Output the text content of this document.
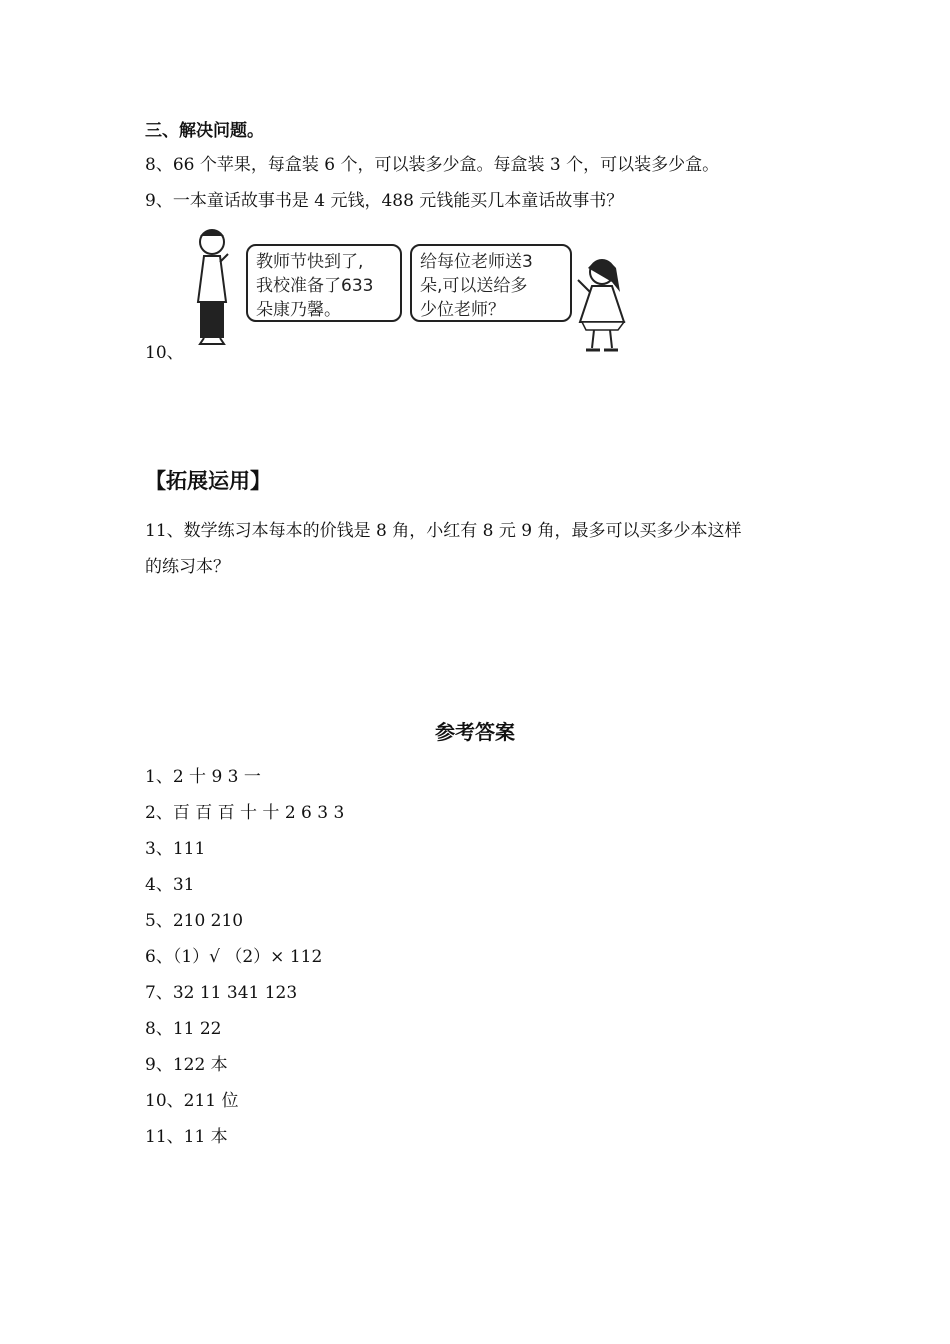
三、解决问题。
8、66 个苹果，每盒装 6 个，可以装多少盒。每盒装 3 个，可以装多少盒。
9、一本童话故事书是 4 元钱，488 元钱能买几本童话故事书？
教师节快到了,
我校准备了633
朵康乃馨。
给每位老师送3
朵,可以送给多
少位老师？
10、
【拓展运用】
11、数学练习本每本的价钱是 8 角，小红有 8 元 9 角，最多可以买多少本这样
的练习本？
参考答案
1、2 十 9 3 一
2、百 百 百 十 十 2 6 3 3
3、111
4、31
5、210 210
6、（1）√ （2）× 112
7、32 11 341 123
8、11 22
9、122 本
10、211 位
11、11 本
